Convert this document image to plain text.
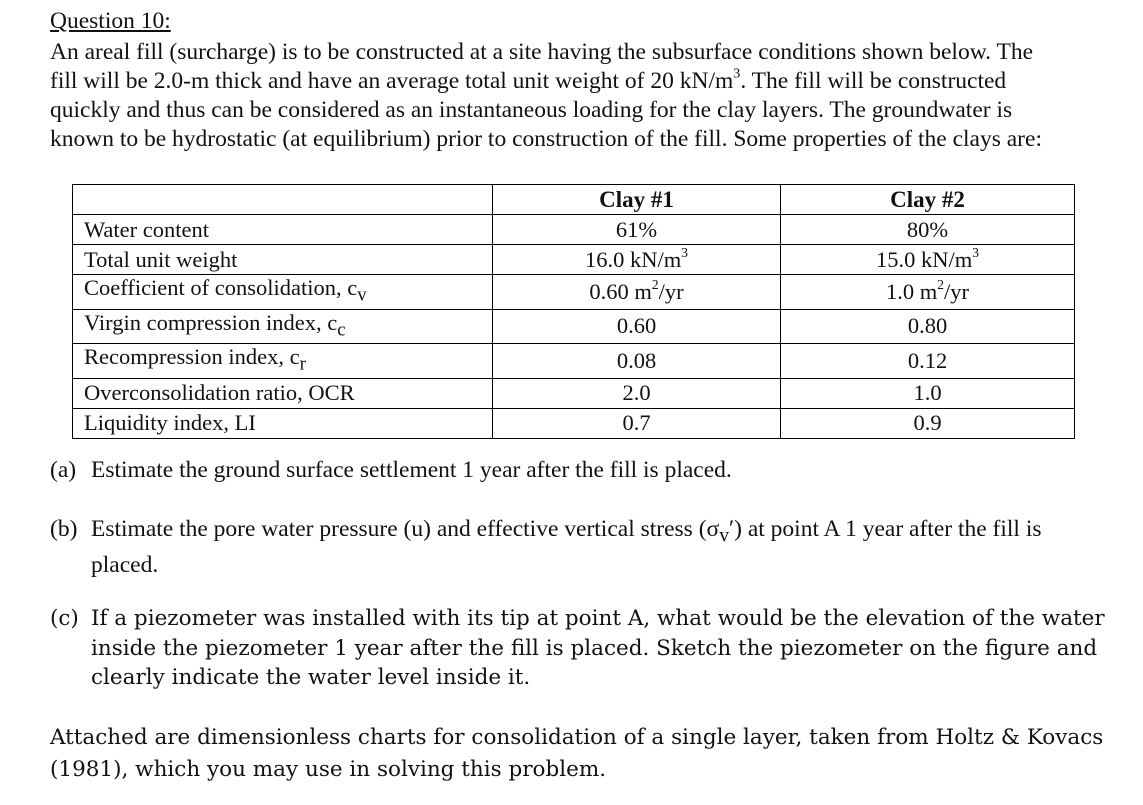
Question 10:
An areal fill (surcharge) is to be constructed at a site having the subsurface conditions shown below. The
fill will be 2.0-m thick and have an average total unit weight of 20 $kN/m^3$. The fill will be constructed
quickly and thus can be considered as an instantaneous loading for the clay layers. The groundwater is
known to be hydrostatic (at equilibrium) prior to construction of the fill. Some properties of the clays are:
	Clay #1	Clay #2
Water content	61%	80%
Total unit weight	16.0 $kN/m^3$	15.0 $kN/m^3$
Coefficient of consolidation, $c_v$	0.60 $m^2/yr$	1.0 $m^2/yr$
Virgin compression index, $c_c$	0.60	0.80
Recompression index, $c_r$	0.08	0.12
Overconsolidation ratio, OCR	2.0	1.0
Liquidity index, LI	0.7	0.9
(a) Estimate the ground surface settlement 1 year after the fill is placed.
(b) Estimate the pore water pressure (u) and effective vertical stress $(\sigma_v')$ at point A 1 year after the fill is
placed.
(c) If a piezometer was installed with its tip at point A, what would be the elevation of the water
inside the piezometer 1 year after the fill is placed. Sketch the piezometer on the figure and
clearly indicate the water level inside it.
Attached are dimensionless charts for consolidation of a single layer, taken from Holtz & Kovacs
(1981), which you may use in solving this problem.
